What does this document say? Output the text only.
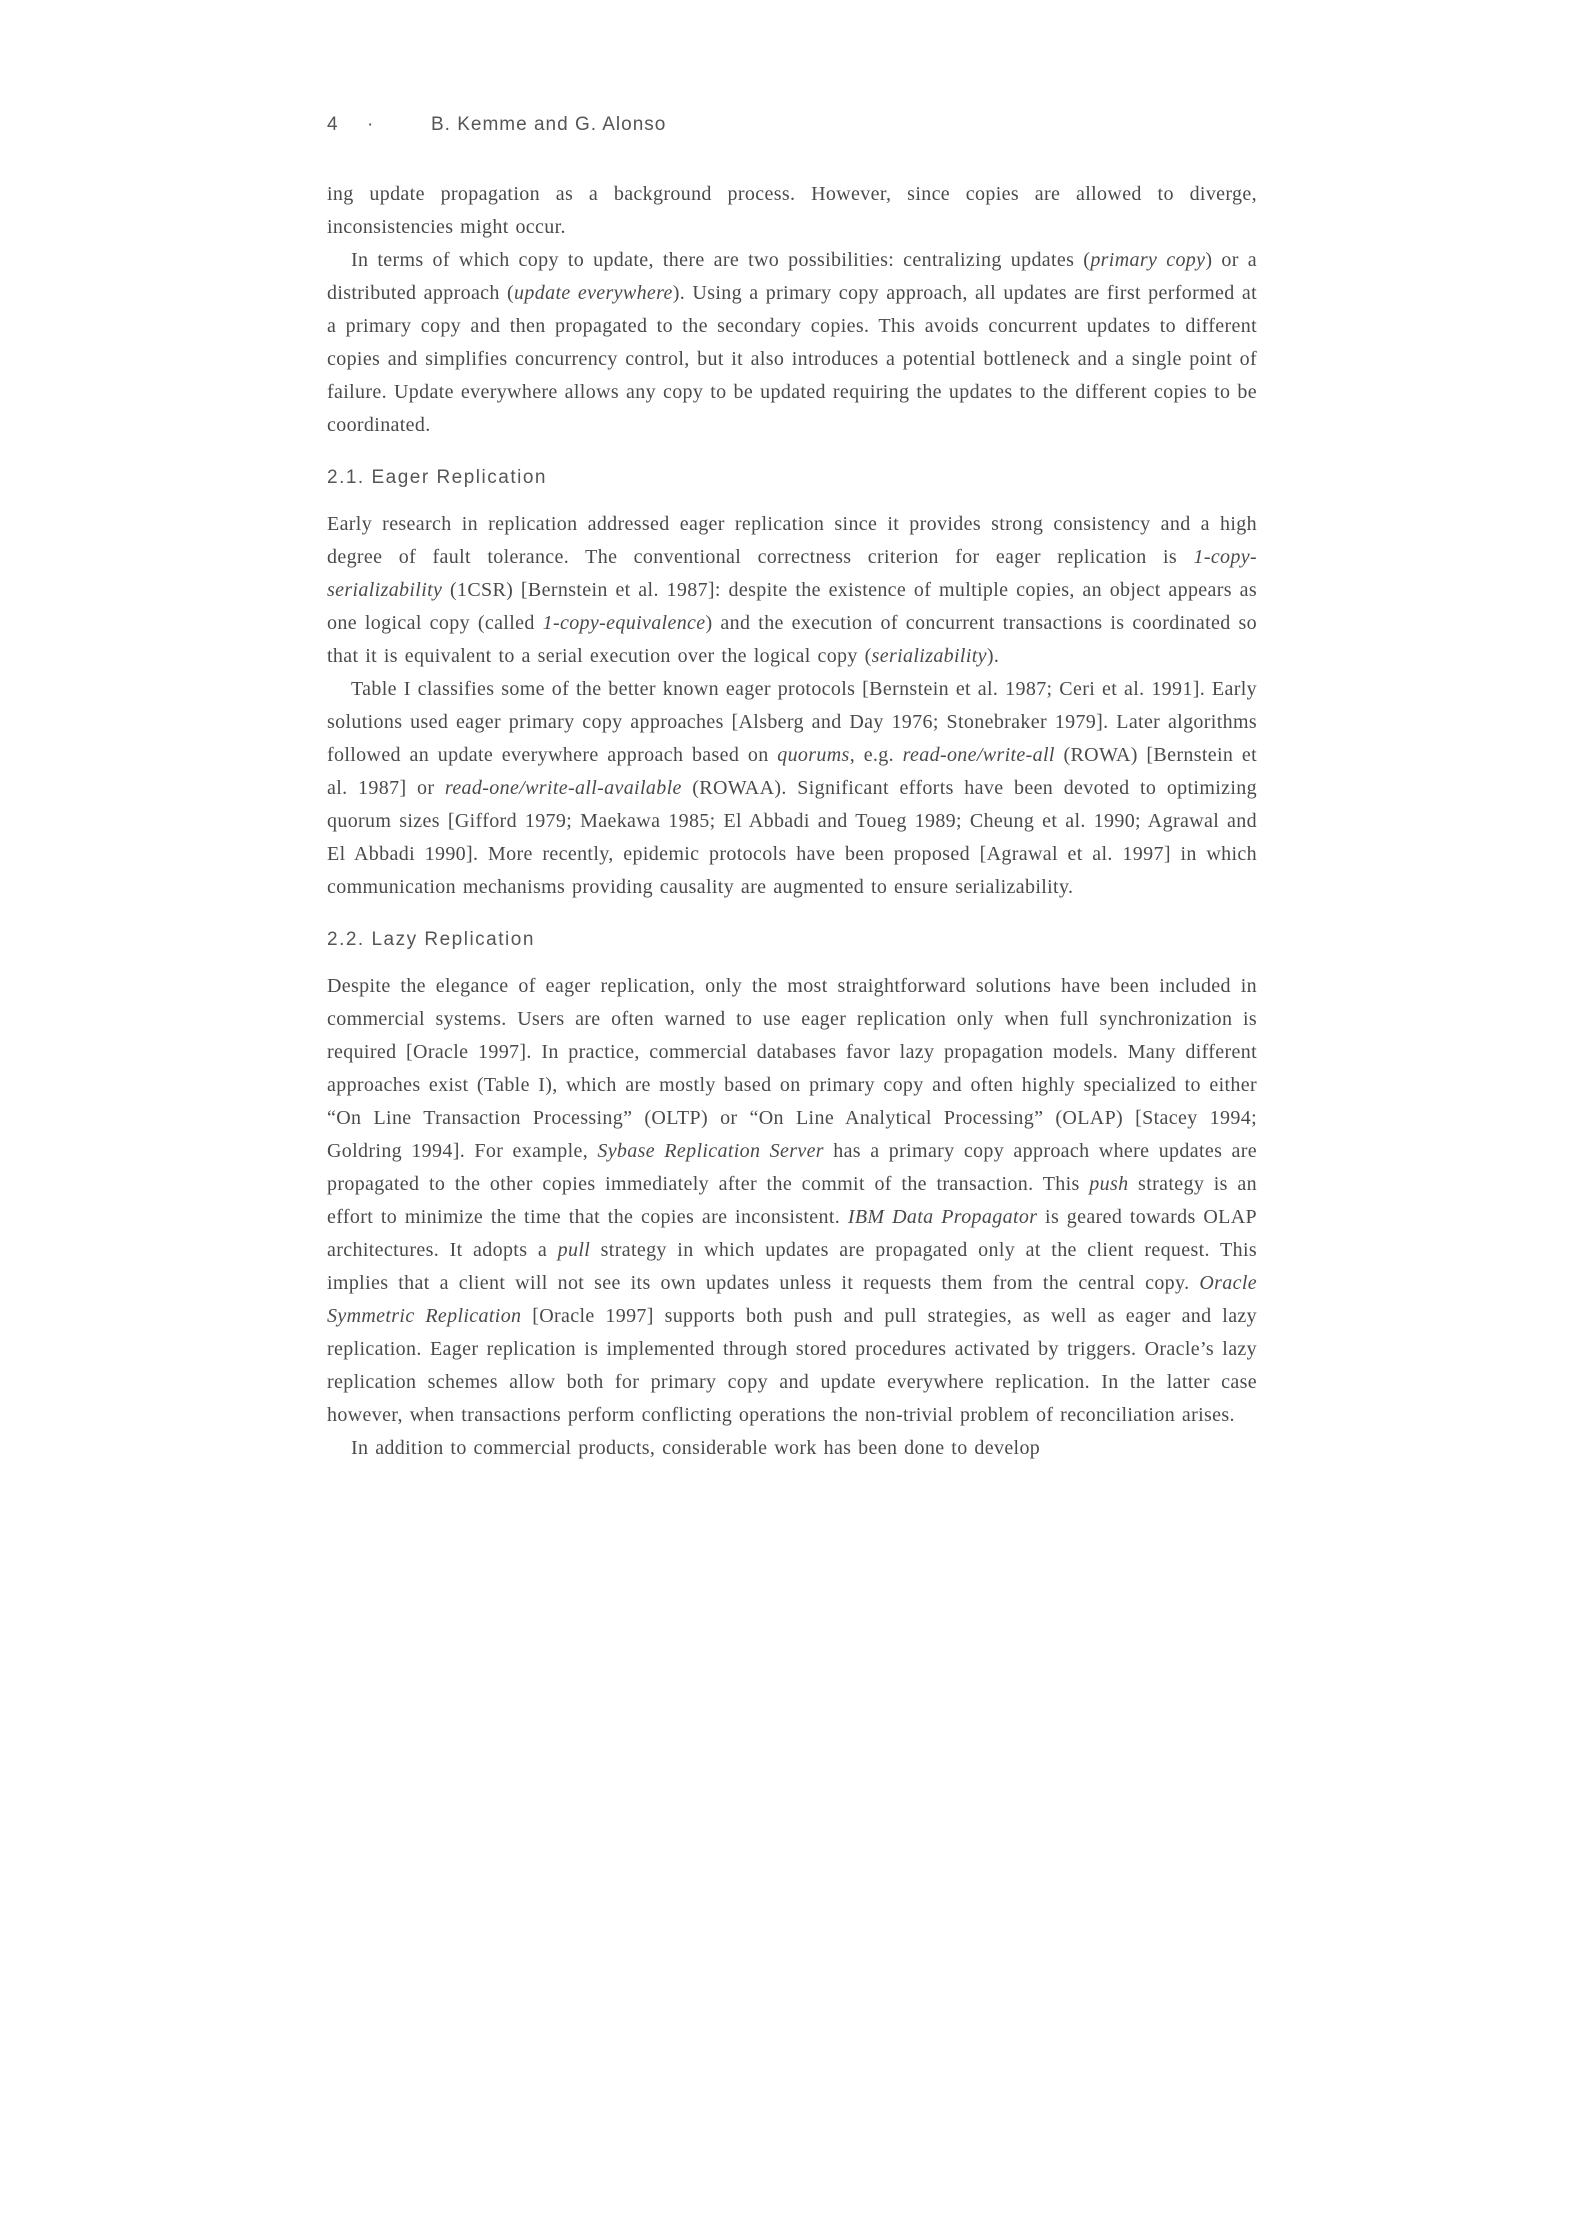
4 ·	B. Kemme and G. Alonso

ing update propagation as a background process. However, since copies are allowed to diverge, inconsistencies might occur.

In terms of which copy to update, there are two possibilities: centralizing updates (primary copy) or a distributed approach (update everywhere). Using a primary copy approach, all updates are first performed at a primary copy and then propagated to the secondary copies. This avoids concurrent updates to different copies and simplifies concurrency control, but it also introduces a potential bottleneck and a single point of failure. Update everywhere allows any copy to be updated requiring the updates to the different copies to be coordinated.

2.1. Eager Replication

Early research in replication addressed eager replication since it provides strong consistency and a high degree of fault tolerance. The conventional correctness criterion for eager replication is 1-copy-serializability (1CSR) [Bernstein et al. 1987]: despite the existence of multiple copies, an object appears as one logical copy (called 1-copy-equivalence) and the execution of concurrent transactions is coordinated so that it is equivalent to a serial execution over the logical copy (serializability).

Table I classifies some of the better known eager protocols [Bernstein et al. 1987; Ceri et al. 1991]. Early solutions used eager primary copy approaches [Alsberg and Day 1976; Stonebraker 1979]. Later algorithms followed an update everywhere approach based on quorums, e.g. read-one/write-all (ROWA) [Bernstein et al. 1987] or read-one/write-all-available (ROWAA). Significant efforts have been devoted to optimizing quorum sizes [Gifford 1979; Maekawa 1985; El Abbadi and Toueg 1989; Cheung et al. 1990; Agrawal and El Abbadi 1990]. More recently, epidemic protocols have been proposed [Agrawal et al. 1997] in which communication mechanisms providing causality are augmented to ensure serializability.

2.2. Lazy Replication

Despite the elegance of eager replication, only the most straightforward solutions have been included in commercial systems. Users are often warned to use eager replication only when full synchronization is required [Oracle 1997]. In practice, commercial databases favor lazy propagation models. Many different approaches exist (Table I), which are mostly based on primary copy and often highly specialized to either “On Line Transaction Processing” (OLTP) or “On Line Analytical Processing” (OLAP) [Stacey 1994; Goldring 1994]. For example, Sybase Replication Server has a primary copy approach where updates are propagated to the other copies immediately after the commit of the transaction. This push strategy is an effort to minimize the time that the copies are inconsistent. IBM Data Propagator is geared towards OLAP architectures. It adopts a pull strategy in which updates are propagated only at the client request. This implies that a client will not see its own updates unless it requests them from the central copy. Oracle Symmetric Replication [Oracle 1997] supports both push and pull strategies, as well as eager and lazy replication. Eager replication is implemented through stored procedures activated by triggers. Oracle’s lazy replication schemes allow both for primary copy and update everywhere replication. In the latter case however, when transactions perform conflicting operations the non-trivial problem of reconciliation arises.

In addition to commercial products, considerable work has been done to develop
